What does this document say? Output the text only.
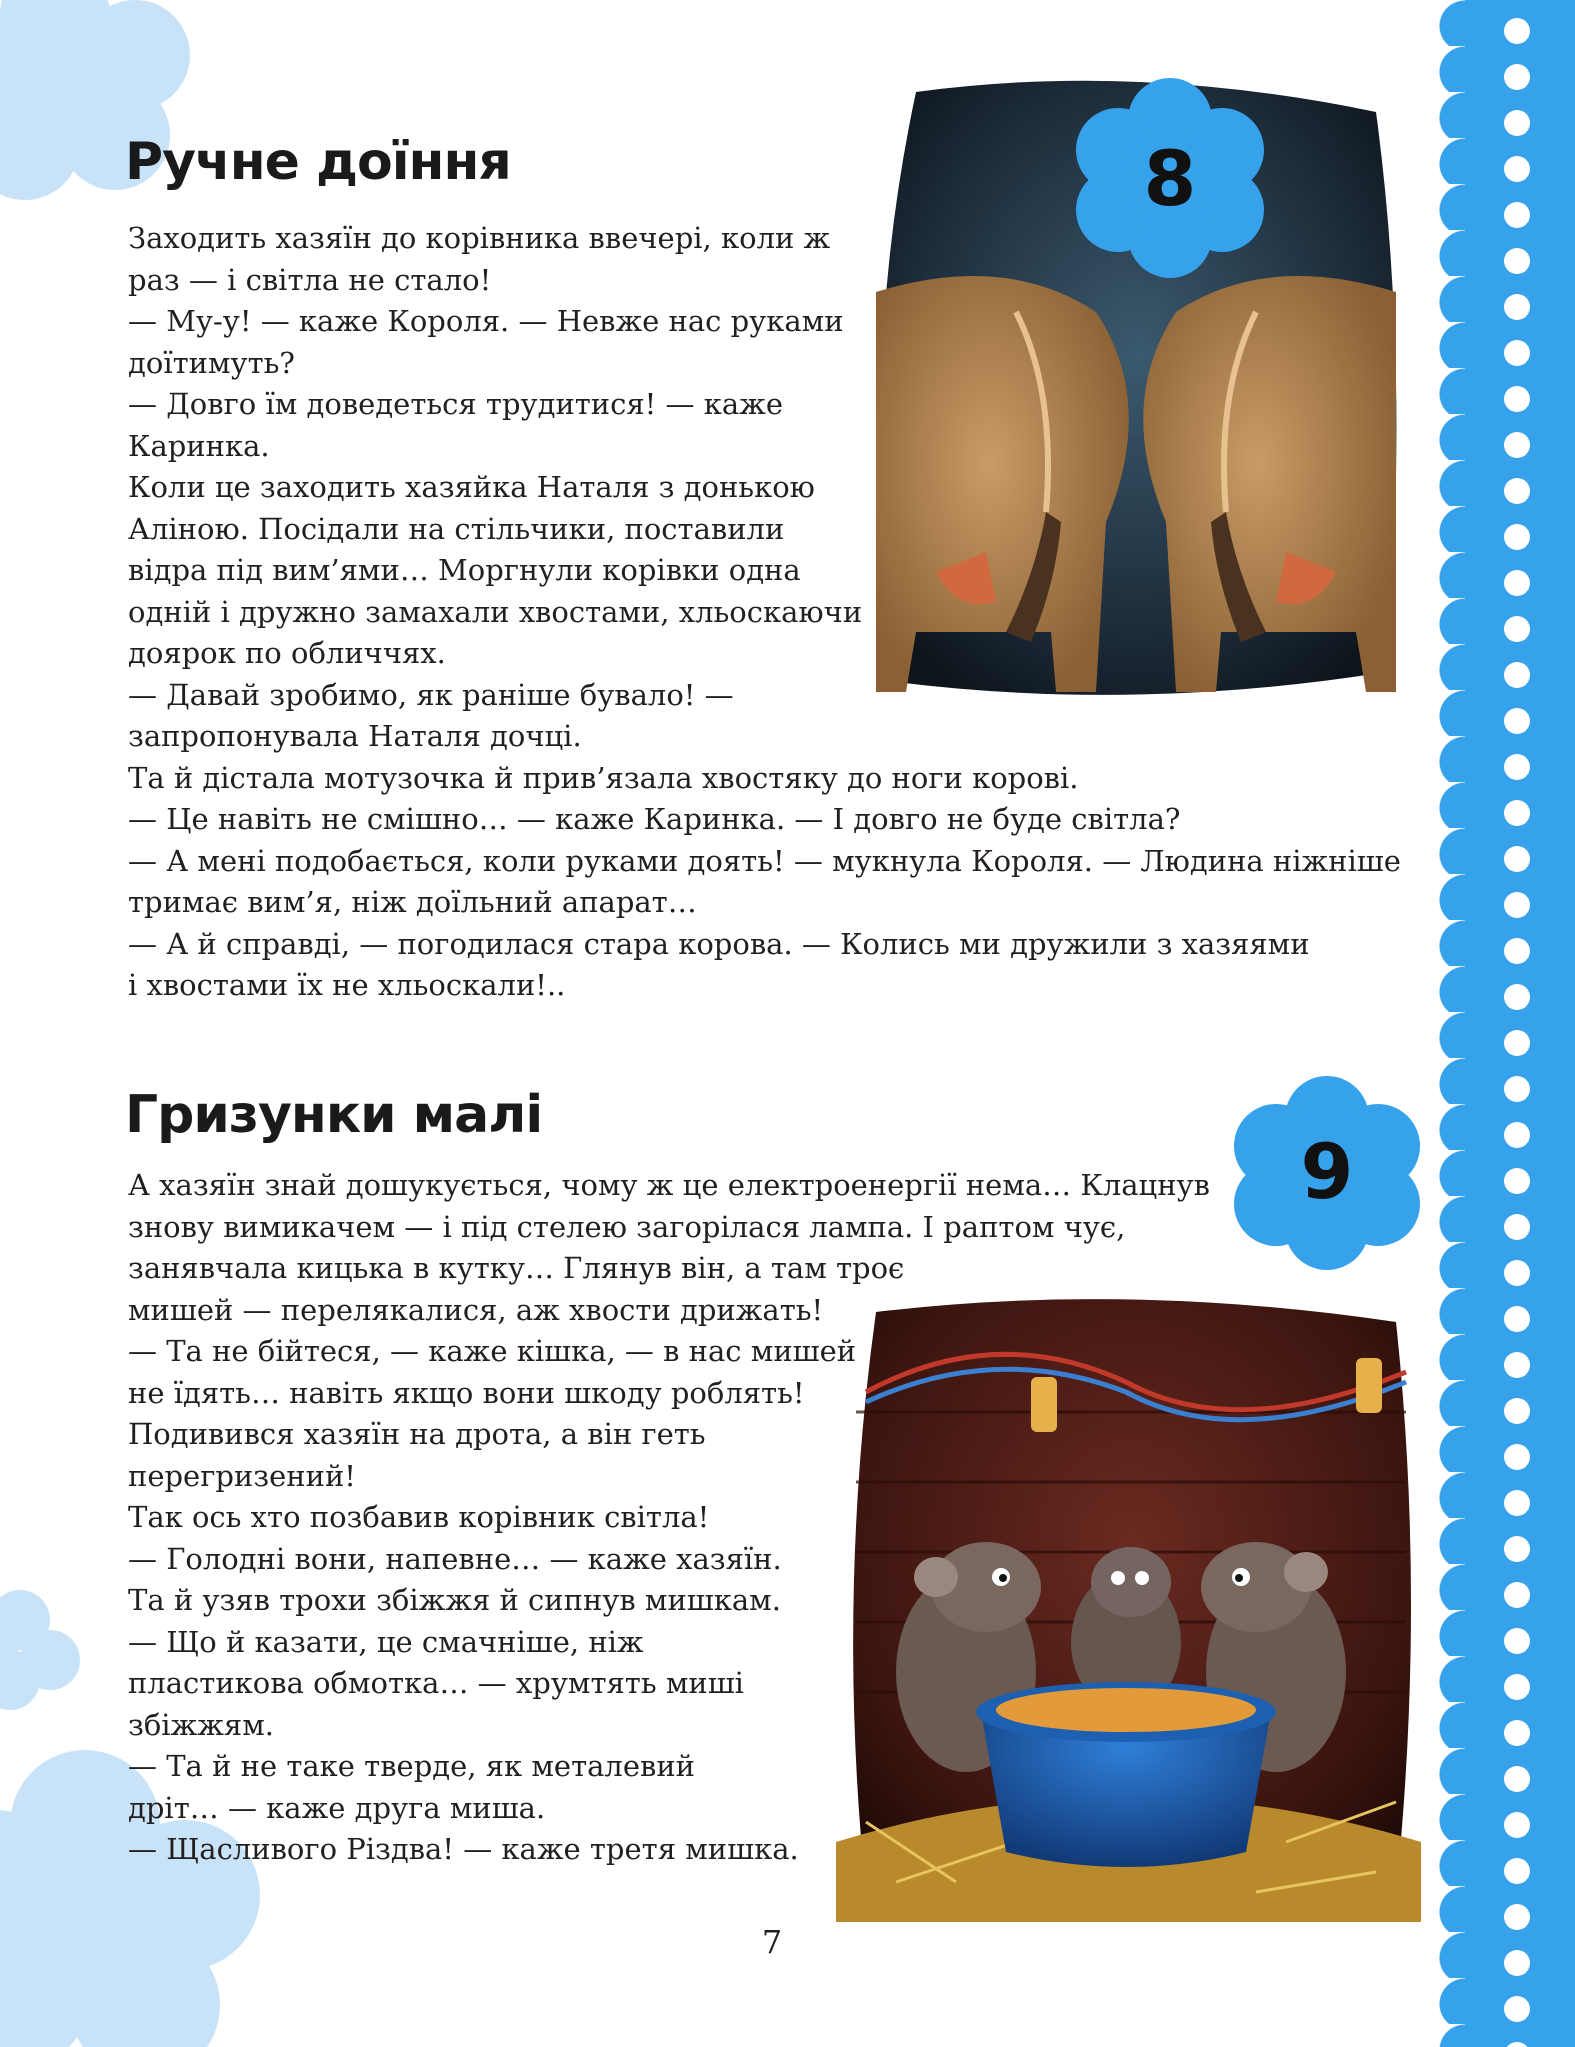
Ручне доїння
Заходить хазяїн до корівника ввечері, коли ж
раз — і світла не стало!
— Му-у! — каже Короля. — Невже нас руками
доїтимуть?
— Довго їм доведеться трудитися! — каже
Каринка.
Коли це заходить хазяйка Наталя з донькою
Аліною. Посідали на стільчики, поставили
відра під вим’ями… Моргнули корівки одна
одній і дружно замахали хвостами, хльоскаючи
доярок по обличчях.
— Давай зробимо, як раніше бувало! —
запропонувала Наталя дочці.
Та й дістала мотузочка й прив’язала хвостяку до ноги корові.
— Це навіть не смішно… — каже Каринка. — І довго не буде світла?
— А мені подобається, коли руками доять! — мукнула Короля. — Людина ніжніше
тримає вим’я, ніж доїльний апарат…
— А й справді, — погодилася стара корова. — Колись ми дружили з хазяями
і хвостами їх не хльоскали!..
8
Гризунки малі
А хазяїн знай дошукується, чому ж це електроенергії нема… Клацнув
знову вимикачем — і під стелею загорілася лампа. І раптом чує,
занявчала кицька в кутку… Глянув він, а там троє
мишей — перелякалися, аж хвости дрижать!
— Та не бійтеся, — каже кішка, — в нас мишей
не їдять… навіть якщо вони шкоду роблять!
Подивився хазяїн на дрота, а він геть
перегризений!
Так ось хто позбавив корівник світла!
— Голодні вони, напевне… — каже хазяїн.
Та й узяв трохи збіжжя й сипнув мишкам.
— Що й казати, це смачніше, ніж
пластикова обмотка… — хрумтять миші
збіжжям.
— Та й не таке тверде, як металевий
дріт… — каже друга миша.
— Щасливого Різдва! — каже третя мишка.
9
7
